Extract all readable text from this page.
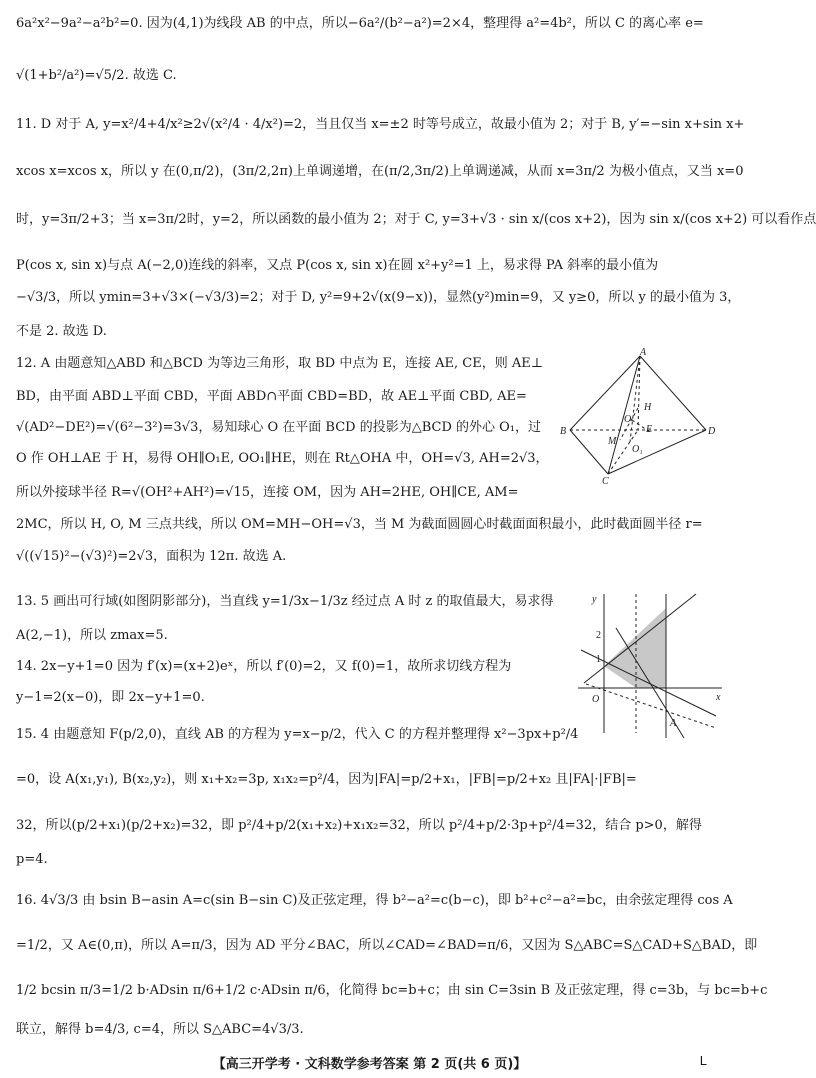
6a²x²−9a²−a²b²=0. 因为(4,1)为线段 AB 的中点，所以−6a²/(b²−a²)=2×4，整理得 a²=4b²，所以 C 的离心率 e=
√(1+b²/a²)=√5/2. 故选 C.
11. D 对于 A, y=x²/4+4/x²≥2√(x²/4 · 4/x²)=2，当且仅当 x=±2 时等号成立，故最小值为 2；对于 B, y′=−sin x+sin x+
xcos x=xcos x，所以 y 在(0,π/2)，(3π/2,2π)上单调递增，在(π/2,3π/2)上单调递减，从而 x=3π/2 为极小值点，又当 x=0
时，y=3π/2+3；当 x=3π/2时，y=2，所以函数的最小值为 2；对于 C, y=3+√3 · sin x/(cos x+2)，因为 sin x/(cos x+2) 可以看作点
P(cos x, sin x)与点 A(−2,0)连线的斜率，又点 P(cos x, sin x)在圆 x²+y²=1 上，易求得 PA 斜率的最小值为
−√3/3，所以 ymin=3+√3×(−√3/3)=2；对于 D, y²=9+2√(x(9−x))，显然(y²)min=9，又 y≥0，所以 y 的最小值为 3，
不是 2. 故选 D.
12. A 由题意知△ABD 和△BCD 为等边三角形，取 BD 中点为 E，连接 AE, CE，则 AE⊥
BD，由平面 ABD⊥平面 CBD，平面 ABD∩平面 CBD=BD，故 AE⊥平面 CBD, AE=
√(AD²−DE²)=√(6²−3²)=3√3，易知球心 O 在平面 BCD 的投影为△BCD 的外心 O₁，过
O 作 OH⊥AE 于 H，易得 OH∥O₁E, OO₁∥HE，则在 Rt△OHA 中，OH=√3, AH=2√3，
所以外接球半径 R=√(OH²+AH²)=√15，连接 OM，因为 AH=2HE, OH∥CE, AM=
2MC，所以 H, O, M 三点共线，所以 OM=MH−OH=√3，当 M 为截面圆圆心时截面面积最小，此时截面圆半径 r=
√((√15)²−(√3)²)=2√3，面积为 12π. 故选 A.
13. 5 画出可行域(如图阴影部分)，当直线 y=1/3x−1/3z 经过点 A 时 z 的取值最大，易求得
A(2,−1)，所以 zmax=5.
14. 2x−y+1=0 因为 f′(x)=(x+2)eˣ，所以 f′(0)=2，又 f(0)=1，故所求切线方程为
y−1=2(x−0)，即 2x−y+1=0.
15. 4 由题意知 F(p/2,0)，直线 AB 的方程为 y=x−p/2，代入 C 的方程并整理得 x²−3px+p²/4
=0，设 A(x₁,y₁), B(x₂,y₂)，则 x₁+x₂=3p, x₁x₂=p²/4，因为|FA|=p/2+x₁，|FB|=p/2+x₂ 且|FA|·|FB|=
32，所以(p/2+x₁)(p/2+x₂)=32，即 p²/4+p/2(x₁+x₂)+x₁x₂=32，所以 p²/4+p/2·3p+p²/4=32，结合 p>0，解得
p=4.
16. 4√3/3 由 bsin B−asin A=c(sin B−sin C)及正弦定理，得 b²−a²=c(b−c)，即 b²+c²−a²=bc，由余弦定理得 cos A
=1/2，又 A∈(0,π)，所以 A=π/3，因为 AD 平分∠BAC，所以∠CAD=∠BAD=π/6，又因为 S△ABC=S△CAD+S△BAD，即
1/2 bcsin π/3=1/2 b·ADsin π/6+1/2 c·ADsin π/6，化简得 bc=b+c；由 sin C=3sin B 及正弦定理，得 c=3b，与 bc=b+c
联立，解得 b=4/3, c=4，所以 S△ABC=4√3/3.
A
B
C
D
H
O
E
M
O₁
y
x
O
2
1
A
【高三开学考 · 文科数学参考答案 第 2 页(共 6 页)】	L
